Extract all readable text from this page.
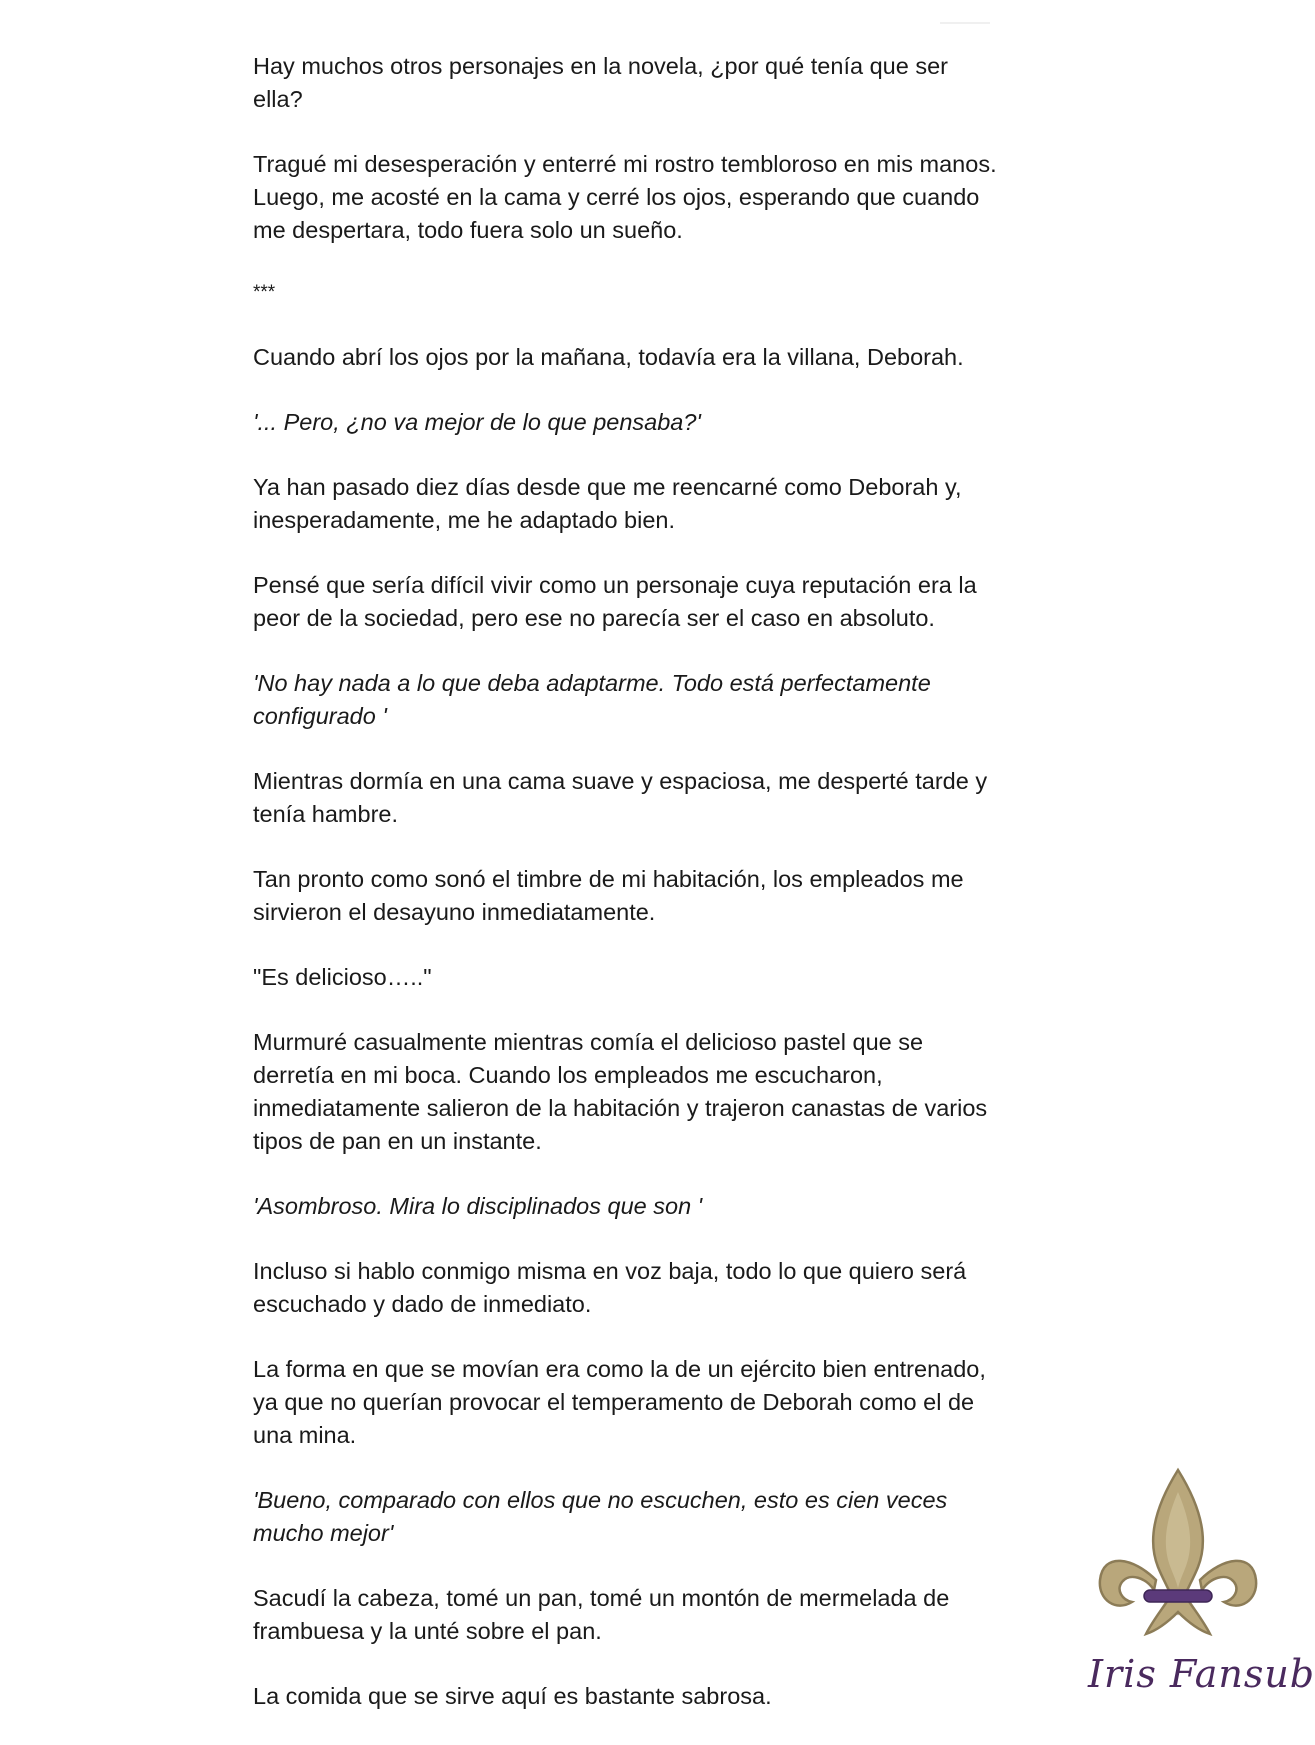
Hay muchos otros personajes en la novela, ¿por qué tenía que ser
ella?

Tragué mi desesperación y enterré mi rostro tembloroso en mis manos.
Luego, me acosté en la cama y cerré los ojos, esperando que cuando
me despertara, todo fuera solo un sueño.

***

Cuando abrí los ojos por la mañana, todavía era la villana, Deborah.

'... Pero, ¿no va mejor de lo que pensaba?'

Ya han pasado diez días desde que me reencarné como Deborah y,
inesperadamente, me he adaptado bien.

Pensé que sería difícil vivir como un personaje cuya reputación era la
peor de la sociedad, pero ese no parecía ser el caso en absoluto.

'No hay nada a lo que deba adaptarme. Todo está perfectamente
configurado '

Mientras dormía en una cama suave y espaciosa, me desperté tarde y
tenía hambre.

Tan pronto como sonó el timbre de mi habitación, los empleados me
sirvieron el desayuno inmediatamente.

"Es delicioso….."

Murmuré casualmente mientras comía el delicioso pastel que se
derretía en mi boca. Cuando los empleados me escucharon,
inmediatamente salieron de la habitación y trajeron canastas de varios
tipos de pan en un instante.

'Asombroso. Mira lo disciplinados que son '

Incluso si hablo conmigo misma en voz baja, todo lo que quiero será
escuchado y dado de inmediato.

La forma en que se movían era como la de un ejército bien entrenado,
ya que no querían provocar el temperamento de Deborah como el de
una mina.

'Bueno, comparado con ellos que no escuchen, esto es cien veces
mucho mejor'

Sacudí la cabeza, tomé un pan, tomé un montón de mermelada de
frambuesa y la unté sobre el pan.

La comida que se sirve aquí es bastante sabrosa.	Iris Fansub
